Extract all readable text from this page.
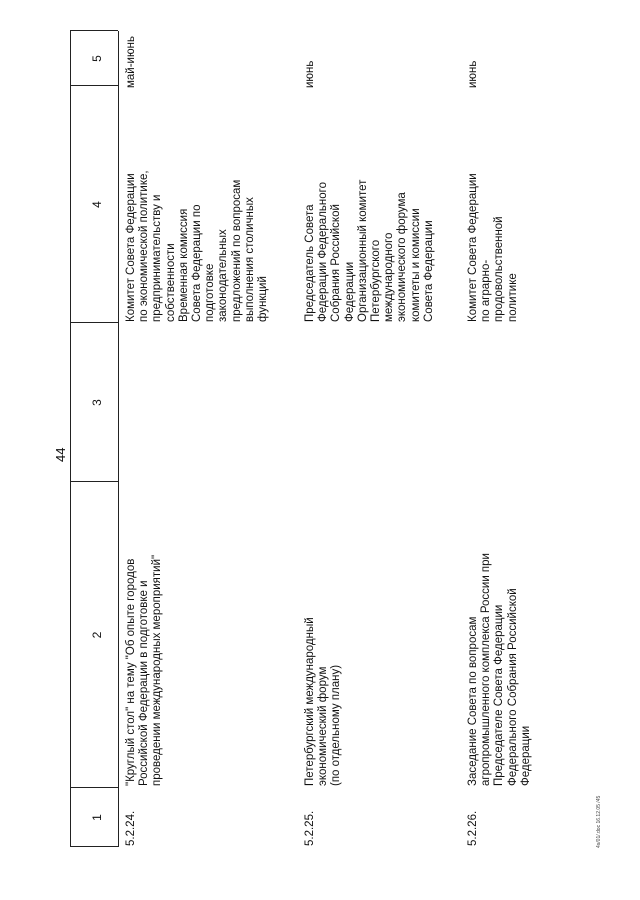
44
1
2
3
4
5
5.2.24.
"Круглый стол" на тему "Об опыте городов
Российской Федерации в подготовке и
проведении международных мероприятий"
Комитет Совета Федерации
по экономической политике,
предпринимательству и
собственности
Временная комиссия
Совета Федерации по
подготовке
законодательных
предложений по вопросам
выполнения столичных
функций
май-июнь
5.2.25.
Петербургский международный
экономический форум
(по отдельному плану)
Председатель Совета
Федерации Федерального
Собрания Российской
Федерации
Организационный комитет
Петербургского
международного
экономического форума
комитеты и комиссии
Совета Федерации
июнь
5.2.26.
Заседание Совета по вопросам
агропромышленного комплекса России при
Председателе Совета Федерации
Федерального Собрания Российской
Федерации
Комитет Совета Федерации
по аграрно-
продовольственной
политике
июнь
4s/01/.doc 16.12.05 /45
